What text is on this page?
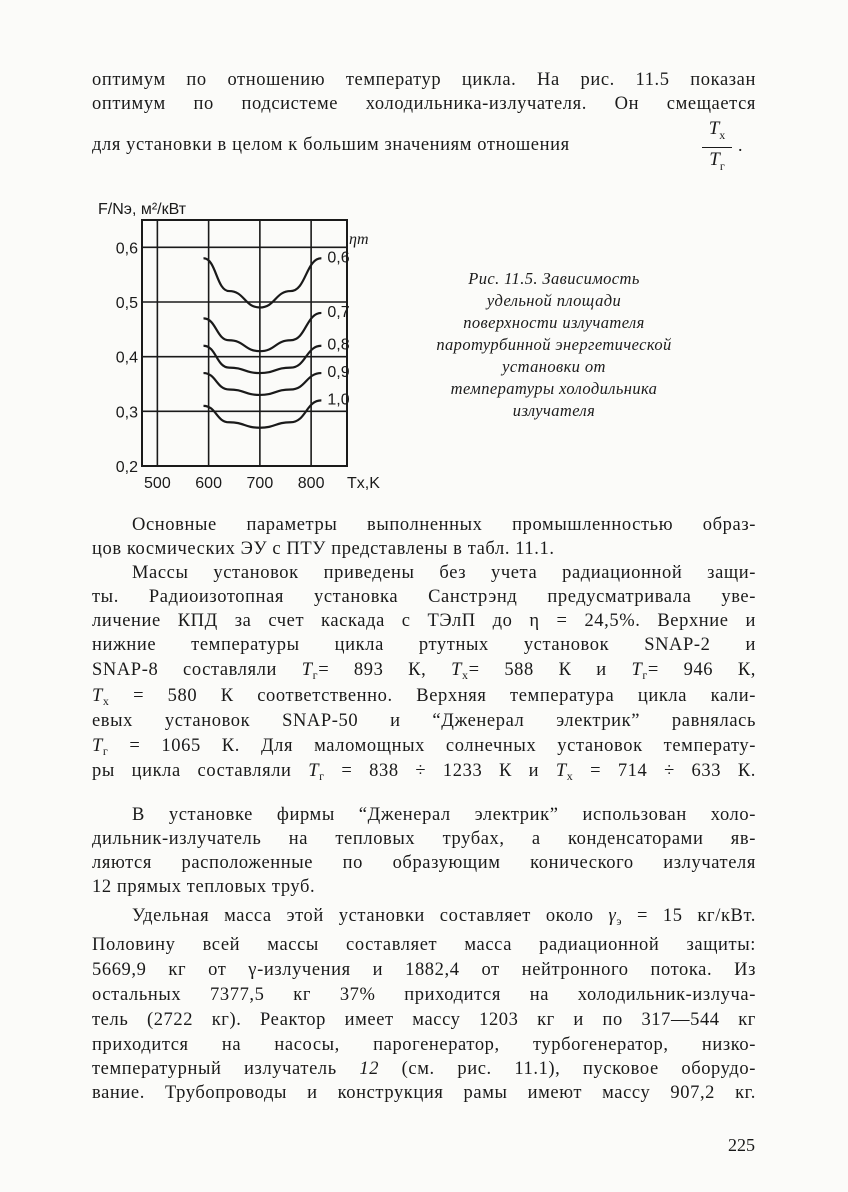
оптимум по отношению температур цикла. На рис. 11.5 показан
оптимум по подсистеме холодильника-излучателя. Он смещается
для установки в целом к большим значениям отношения
$T_х$
$T_г$
.
0,6
0,5
0,4
0,3
0,2
500 600 700 800 Tx,K
F/Nэ, м²/кВт
ηт
0,6
0,7
0,8
0,9
1,0
Рис. 11.5. Зависимость
удельной площади
поверхности излучателя
паротурбинной энергетической
установки от
температуры холодильника
излучателя
Основные параметры выполненных промышленностью образ-
цов космических ЭУ с ПТУ представлены в табл. 11.1.
Массы установок приведены без учета радиационной защи-
ты. Радиоизотопная установка Санстрэнд предусматривала уве-
личение КПД за счет каскада с ТЭлП до η = 24,5%. Верхние и
нижние температуры цикла ртутных установок SNAP-2 и
SNAP-8 составляли $T_г= 893$ К, $T_х= 588$ К и $T_г= 946$ К,
$T_х = 580$ К соответственно. Верхняя температура цикла кали-
евых установок SNAP-50 и “Дженерал электрик” равнялась
$T_г = 1065$ К. Для маломощных солнечных установок температу-
ры цикла составляли $T_г = 838 \div 1233$ К и $T_х = 714 \div 633$ К.
В установке фирмы “Дженерал электрик” использован холо-
дильник-излучатель на тепловых трубах, а конденсаторами яв-
ляются расположенные по образующим конического излучателя
12 прямых тепловых труб.
Удельная масса этой установки составляет около $\gamma_э = 15$ кг/кВт.
Половину всей массы составляет масса радиационной защиты:
5669,9 кг от γ-излучения и 1882,4 от нейтронного потока. Из
остальных 7377,5 кг 37% приходится на холодильник-излуча-
тель (2722 кг). Реактор имеет массу 1203 кг и по 317—544 кг
приходится на насосы, парогенератор, турбогенератор, низко-
температурный излучатель 12 (см. рис. 11.1), пусковое оборудо-
вание. Трубопроводы и конструкция рамы имеют массу 907,2 кг.
225
